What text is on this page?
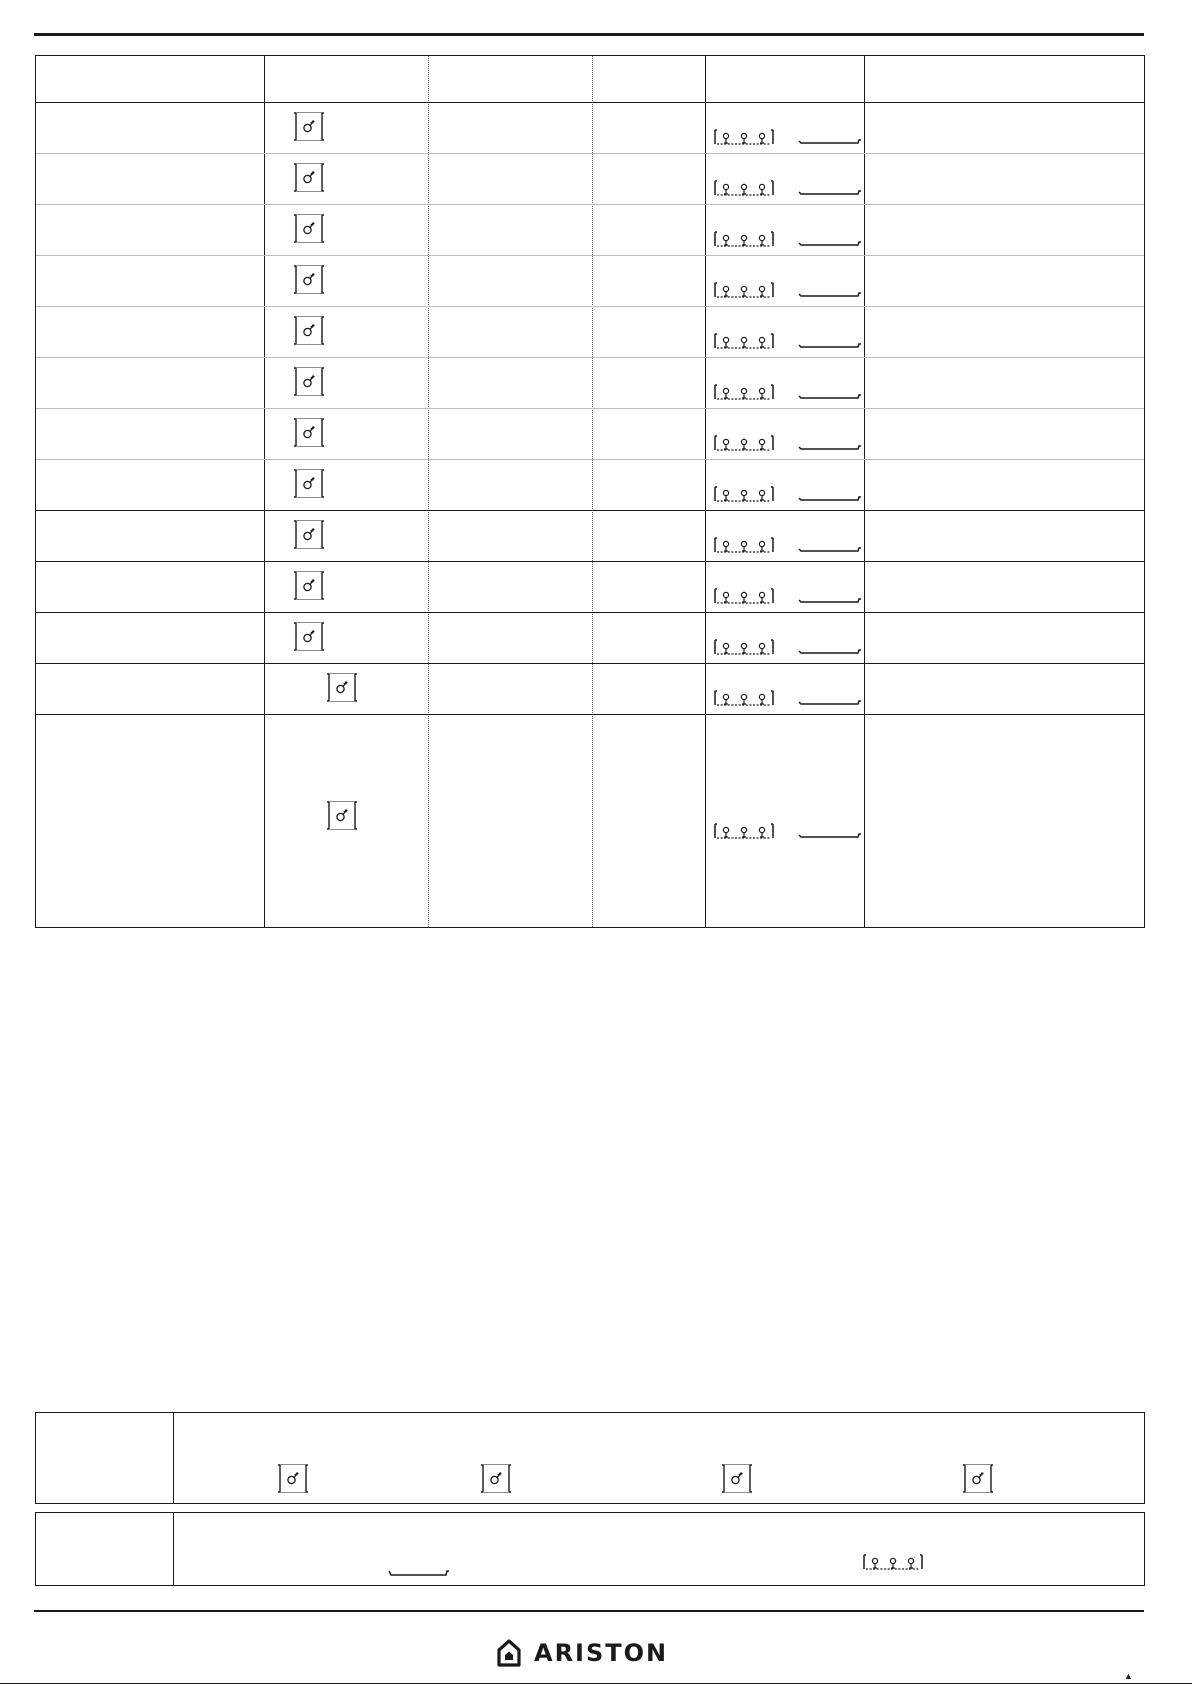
ARISTON
▲
